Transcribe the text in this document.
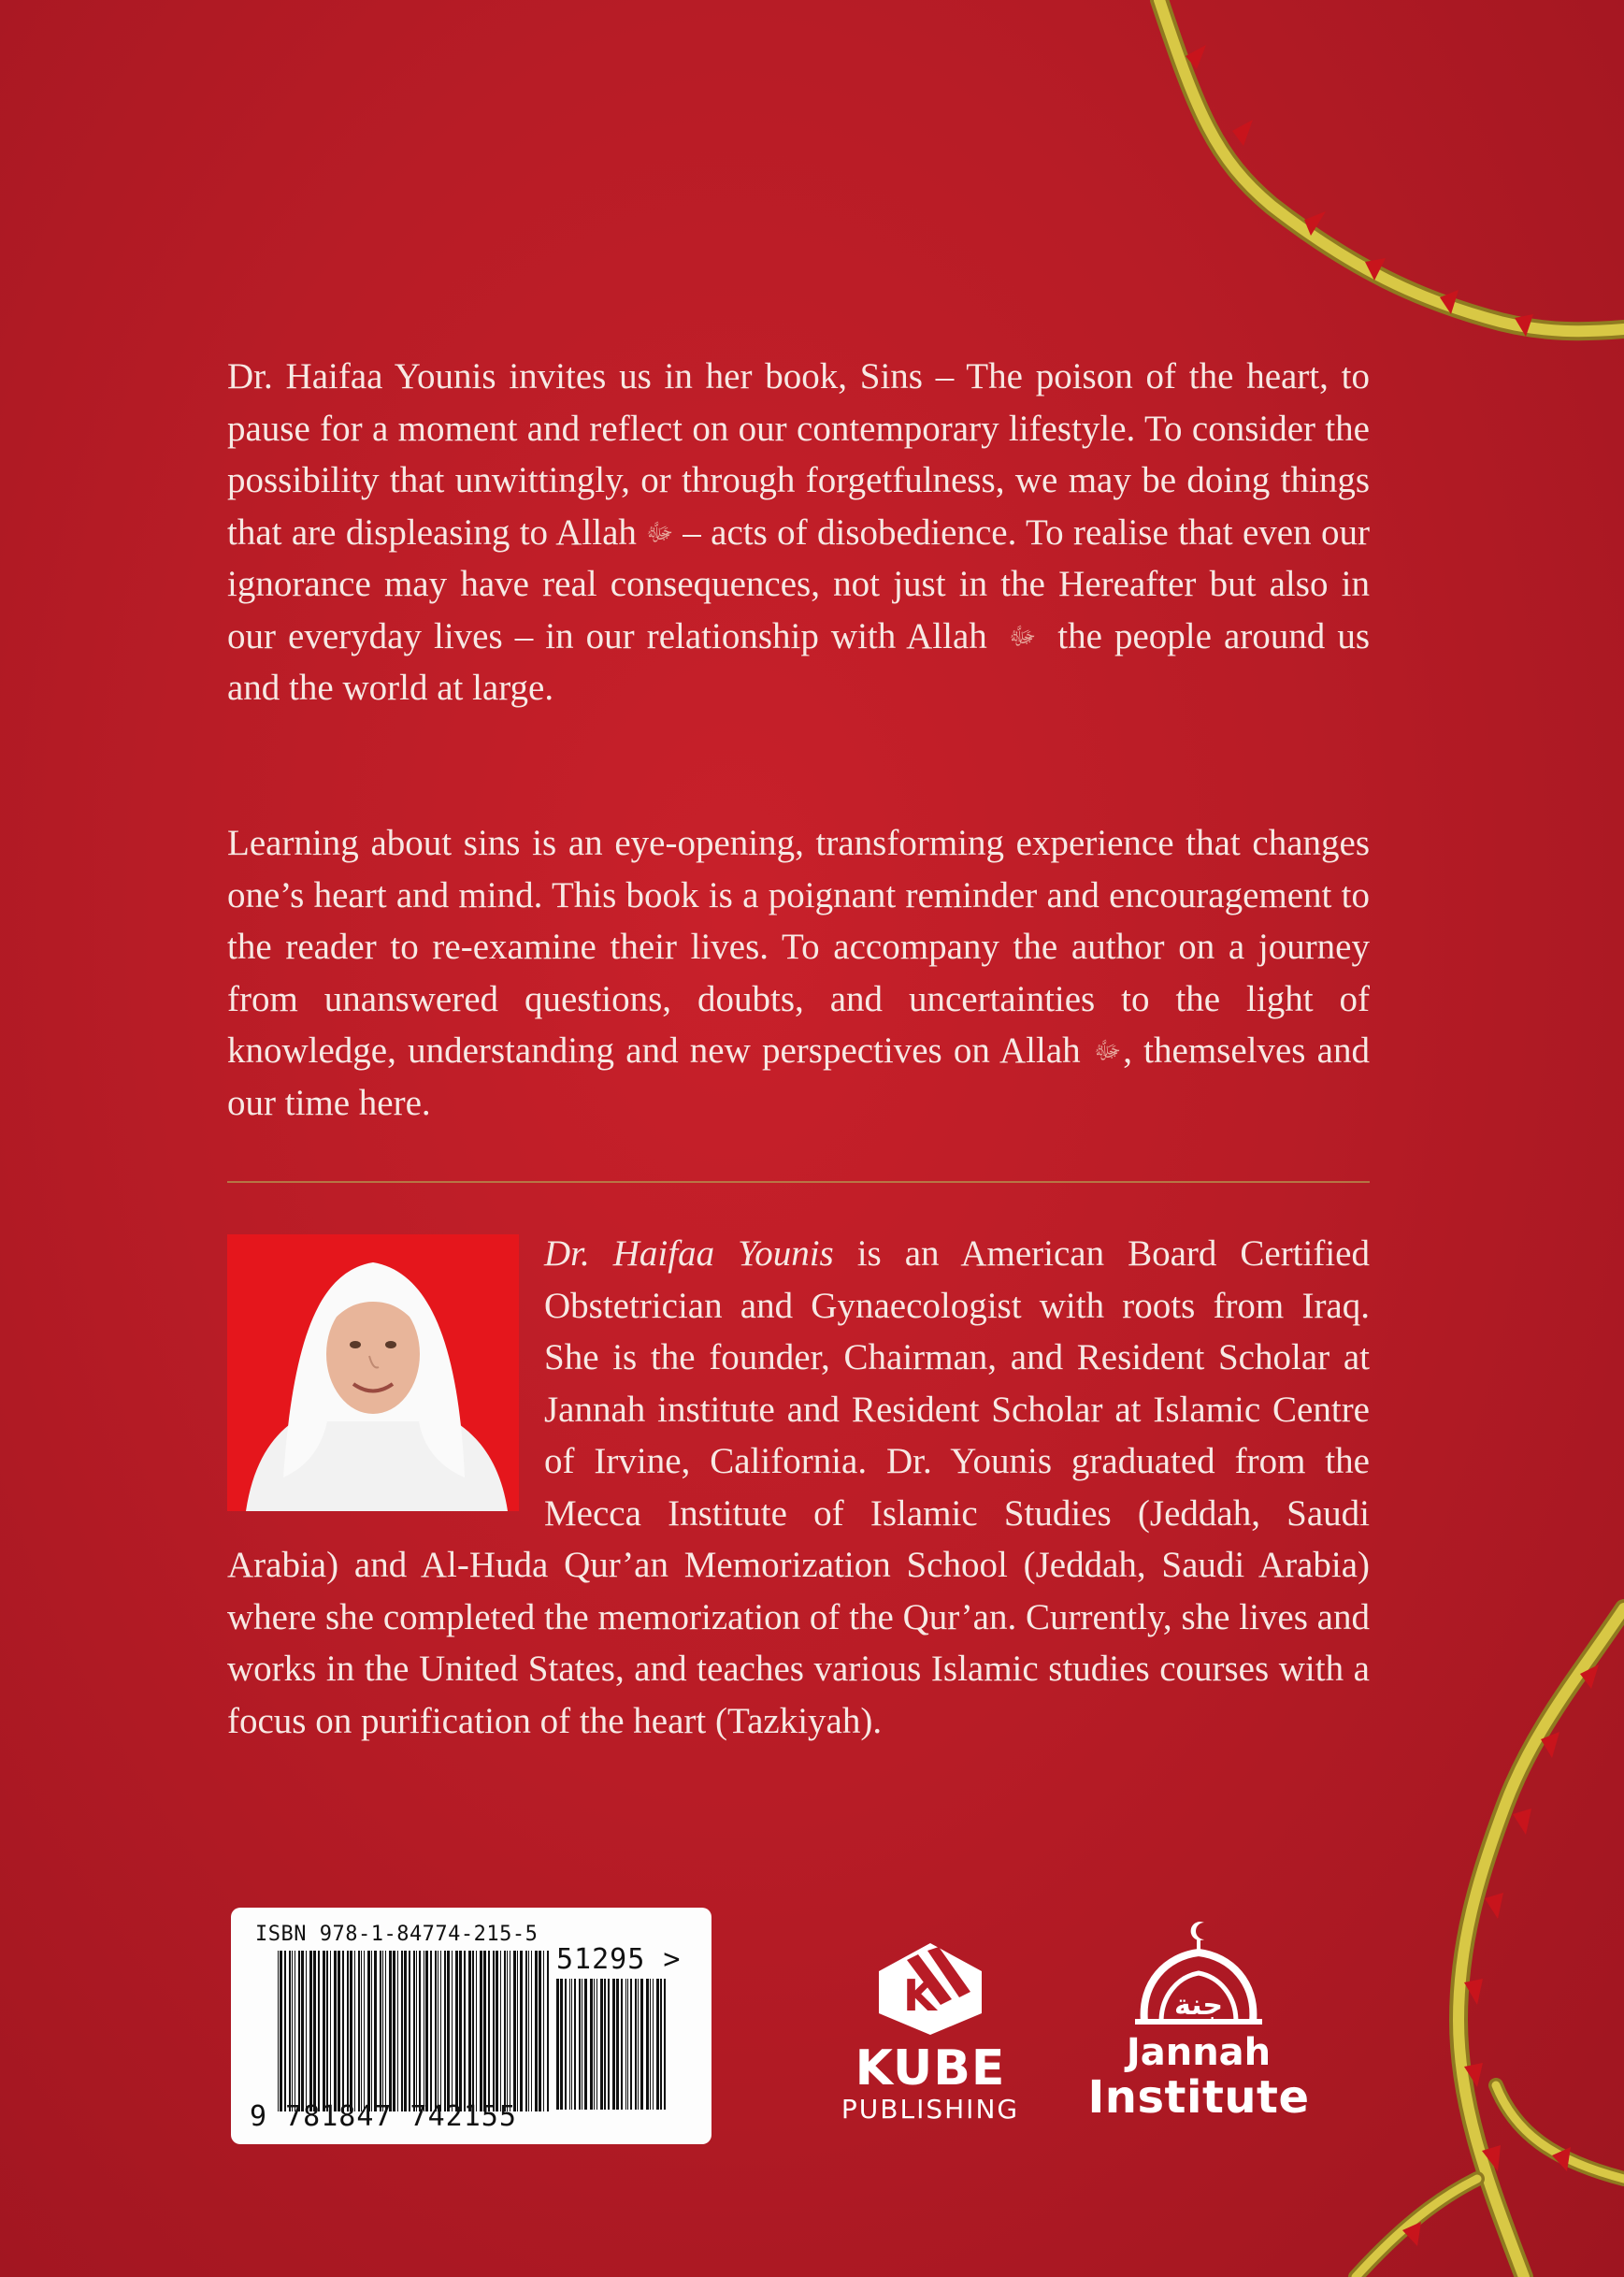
Dr. Haifaa Younis invites us in her book, Sins – The poison of the heart, to pause for a moment and reflect on our contemporary lifestyle. To consider the possibility that unwittingly, or through forgetfulness, we may be doing things that are displeasing to Allah ﷻ – acts of disobedience. To realise that even our ignorance may have real consequences, not just in the Hereafter but also in our everyday lives – in our relationship with Allah ﷻ the people around us and the world at large.

Learning about sins is an eye-opening, transforming experience that changes one’s heart and mind. This book is a poignant reminder and encouragement to the reader to re-examine their lives. To accompany the author on a journey from unanswered questions, doubts, and uncertainties to the light of knowledge, understanding and new perspectives on Allah ﷻ, themselves and our time here.

Dr. Haifaa Younis is an American Board Certified Obstetrician and Gynaecologist with roots from Iraq. She is the founder, Chairman, and Resident Scholar at Jannah institute and Resident Scholar at Islamic Centre of Irvine, California. Dr. Younis graduated from the Mecca Institute of Islamic Studies (Jeddah, Saudi Arabia) and Al-Huda Qur’an Memorization School (Jeddah, Saudi Arabia) where she completed the memorization of the Qur’an. Currently, she lives and works in the United States, and teaches various Islamic studies courses with a focus on purification of the heart (Tazkiyah).

ISBN 978-1-84774-215-5
51295 >
9 781847 742155
K
KUBE
PUBLISHING
جنة
Jannah
Institute
